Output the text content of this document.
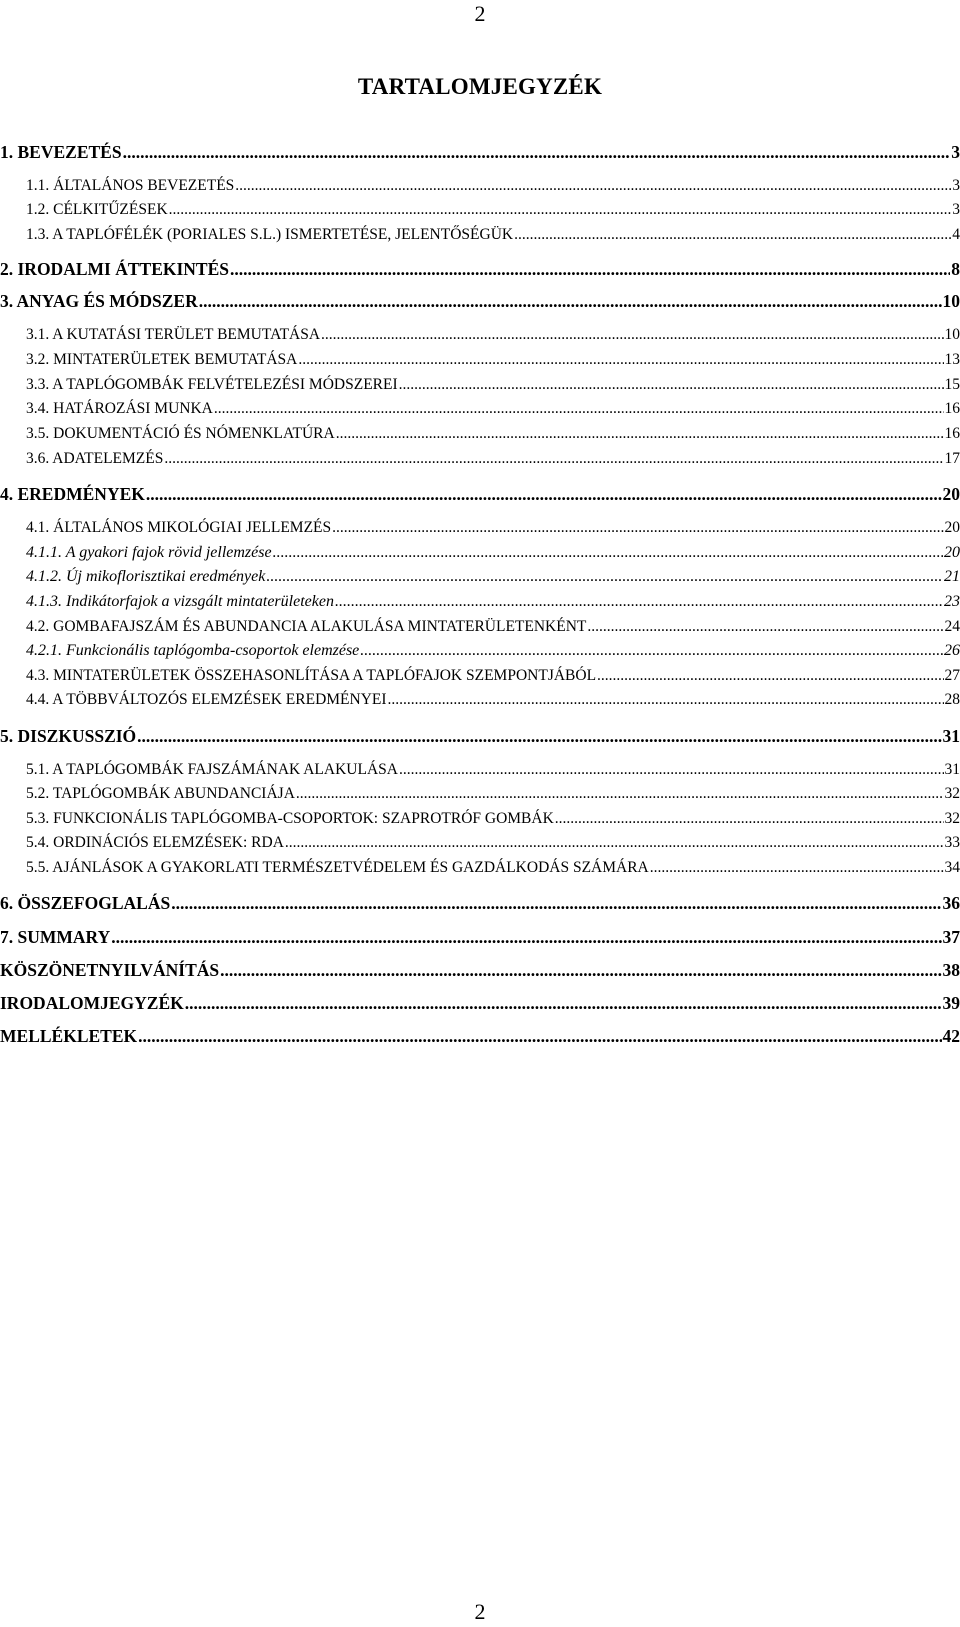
2
TARTALOMJEGYZÉK
1. BEVEZETÉS .....	3
1.1. ÁLTALÁNOS BEVEZETÉS .....	3
1.2. CÉLKITŰZÉSEK .....	3
1.3. A TAPLÓFÉLÉK (PORIALES S.L.) ISMERTETÉSE, JELENTŐSÉGÜK .....	4
2. IRODALMI ÁTTEKINTÉS .....	8
3. ANYAG ÉS MÓDSZER .....	10
3.1. A KUTATÁSI TERÜLET BEMUTATÁSA .....	10
3.2. MINTATERÜLETEK BEMUTATÁSA .....	13
3.3. A TAPLÓGOMBÁK FELVÉTELEZÉSI MÓDSZEREI .....	15
3.4. HATÁROZÁSI MUNKA .....	16
3.5. DOKUMENTÁCIÓ ÉS NÓMENKLATÚRA .....	16
3.6. ADATELEMZÉS .....	17
4. EREDMÉNYEK .....	20
4.1. ÁLTALÁNOS MIKOLÓGIAI JELLEMZÉS .....	20
4.1.1. A gyakori fajok rövid jellemzése .....	20
4.1.2. Új mikoflorisztikai eredmények .....	21
4.1.3. Indikátorfajok a vizsgált mintaterületeken .....	23
4.2. GOMBAFAJSZÁM ÉS ABUNDANCIA ALAKULÁSA MINTATERÜLETENKÉNT .....	24
4.2.1. Funkcionális taplógomba-csoportok elemzése .....	26
4.3. MINTATERÜLETEK ÖSSZEHASONLÍTÁSA A TAPLÓFAJOK SZEMPONTJÁBÓL .....	27
4.4. A TÖBBVÁLTOZÓS ELEMZÉSEK EREDMÉNYEI .....	28
5. DISZKUSSZIÓ .....	31
5.1. A TAPLÓGOMBÁK FAJSZÁMÁNAK ALAKULÁSA .....	31
5.2. TAPLÓGOMBÁK ABUNDANCIÁJA .....	32
5.3. FUNKCIONÁLIS TAPLÓGOMBA-CSOPORTOK: SZAPROTRÓF GOMBÁK .....	32
5.4. ORDINÁCIÓS ELEMZÉSEK: RDA .....	33
5.5. AJÁNLÁSOK A GYAKORLATI TERMÉSZETVÉDELEM ÉS GAZDÁLKODÁS SZÁMÁRA .....	34
6. ÖSSZEFOGLALÁS .....	36
7. SUMMARY .....	37
KÖSZÖNETNYILVÁNÍTÁS .....	38
IRODALOMJEGYZÉK .....	39
MELLÉKLETEK .....	42
2
